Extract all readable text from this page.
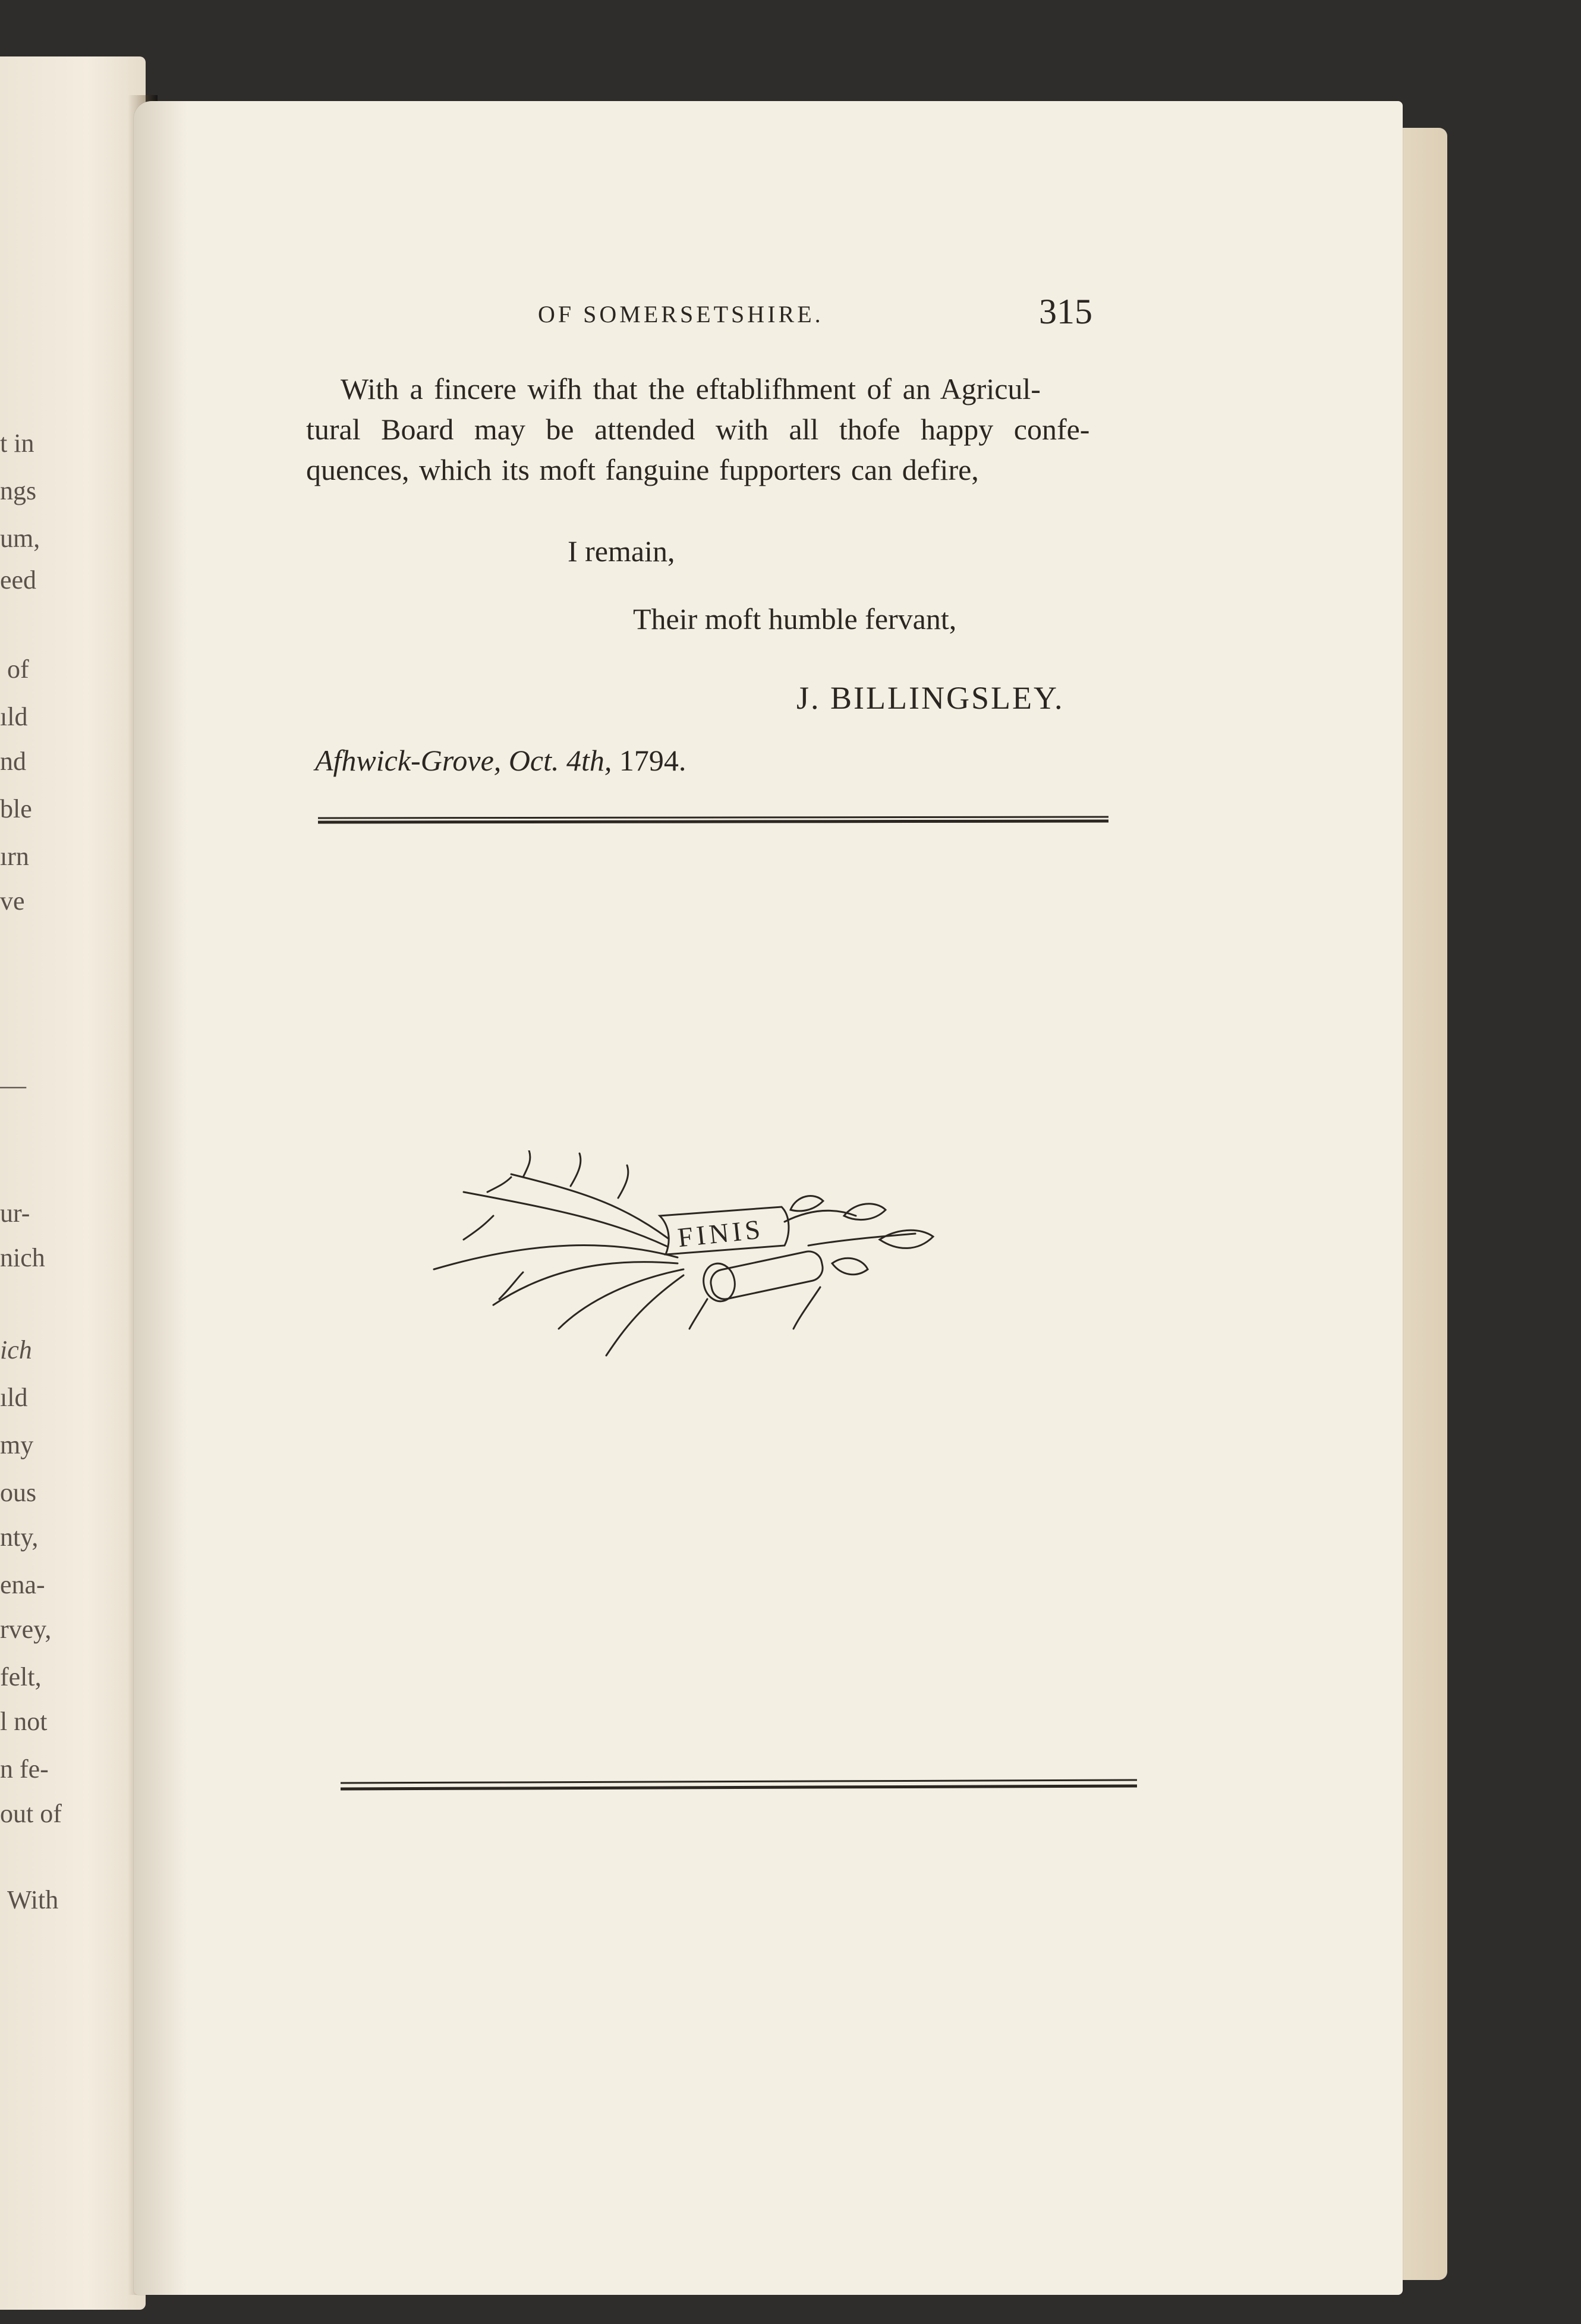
t in
ngs
um,
eed
of
ıld
nd
ble
ırn
ve
—
ur-
nich
ich
ıld
my
ous
nty,
ena-
rvey,
felt,
l not
n fe-
out of
With
OF SOMERSETSHIRE.	315
With a fincere wifh that the eftablifhment of an Agricul-
tural Board may be attended with all thofe happy confe-
quences, which its moft fanguine fupporters can defire,
I remain,
Their moft humble fervant,
J. BILLINGSLEY.
Afhwick-Grove, Oct. 4th, 1794.
FINIS
